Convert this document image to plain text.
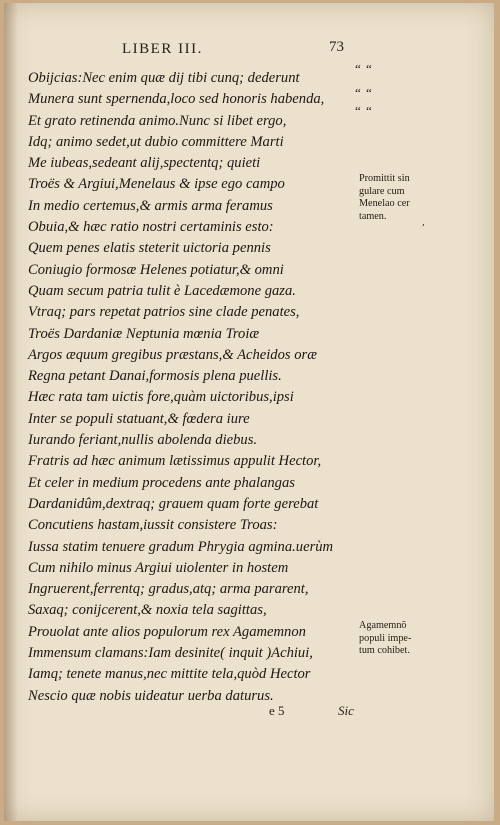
LIBER III.	73
Obijcias:Nec enim quæ dij tibi cunq; dederunt
Munera sunt spernenda,loco sed honoris habenda,
Et grato retinenda animo.Nunc si libet ergo,
Idq; animo sedet,ut dubio committere Marti
Me iubeas,sedeant alij,spectentq; quieti
Troës & Argiui,Menelaus & ipse ego campo
In medio certemus,& armis arma feramus
Obuia,& hæc ratio nostri certaminis esto:
Quem penes elatis steterit uictoria pennis
Coniugio formosæ Helenes potiatur,& omni
Quam secum patria tulit è Lacedæmone gaza.
Vtraq; pars repetat patrios sine clade penates,
Troës Dardaniæ Neptunia mœnia Troiæ
Argos æquum gregibus præstans,& Acheidos oræ
Regna petant Danai,formosis plena puellis.
Hæc rata tam uictis fore,quàm uictoribus,ipsi
Inter se populi statuant,& fœdera iure
Iurando feriant,nullis abolenda diebus.
Fratris ad hæc animum lætissimus appulit Hector,
Et celer in medium procedens ante phalangas
Dardanidûm,dextraq; grauem quam forte gerebat
Concutiens hastam,iussit consistere Troas:
Iussa statim tenuere gradum Phrygia agmina.uerùm
Cum nihilo minus Argiui uiolenter in hostem
Ingruerent,ferrentq; gradus,atq; arma pararent,
Saxaq; conijcerent,& noxia tela sagittas,
Prouolat ante alios populorum rex Agamemnon
Immensum clamans:Iam desinite( inquit )Achiui,
Iamq; tenete manus,nec mittite tela,quòd Hector
Nescio quæ nobis uideatur uerba daturus.
“ “
“ “
“ “
Promittit sin
gulare cum
Menelao cer
tamen.
,
Agamemnõ
populi impe-
tum cohibet.
e 5	Sic
